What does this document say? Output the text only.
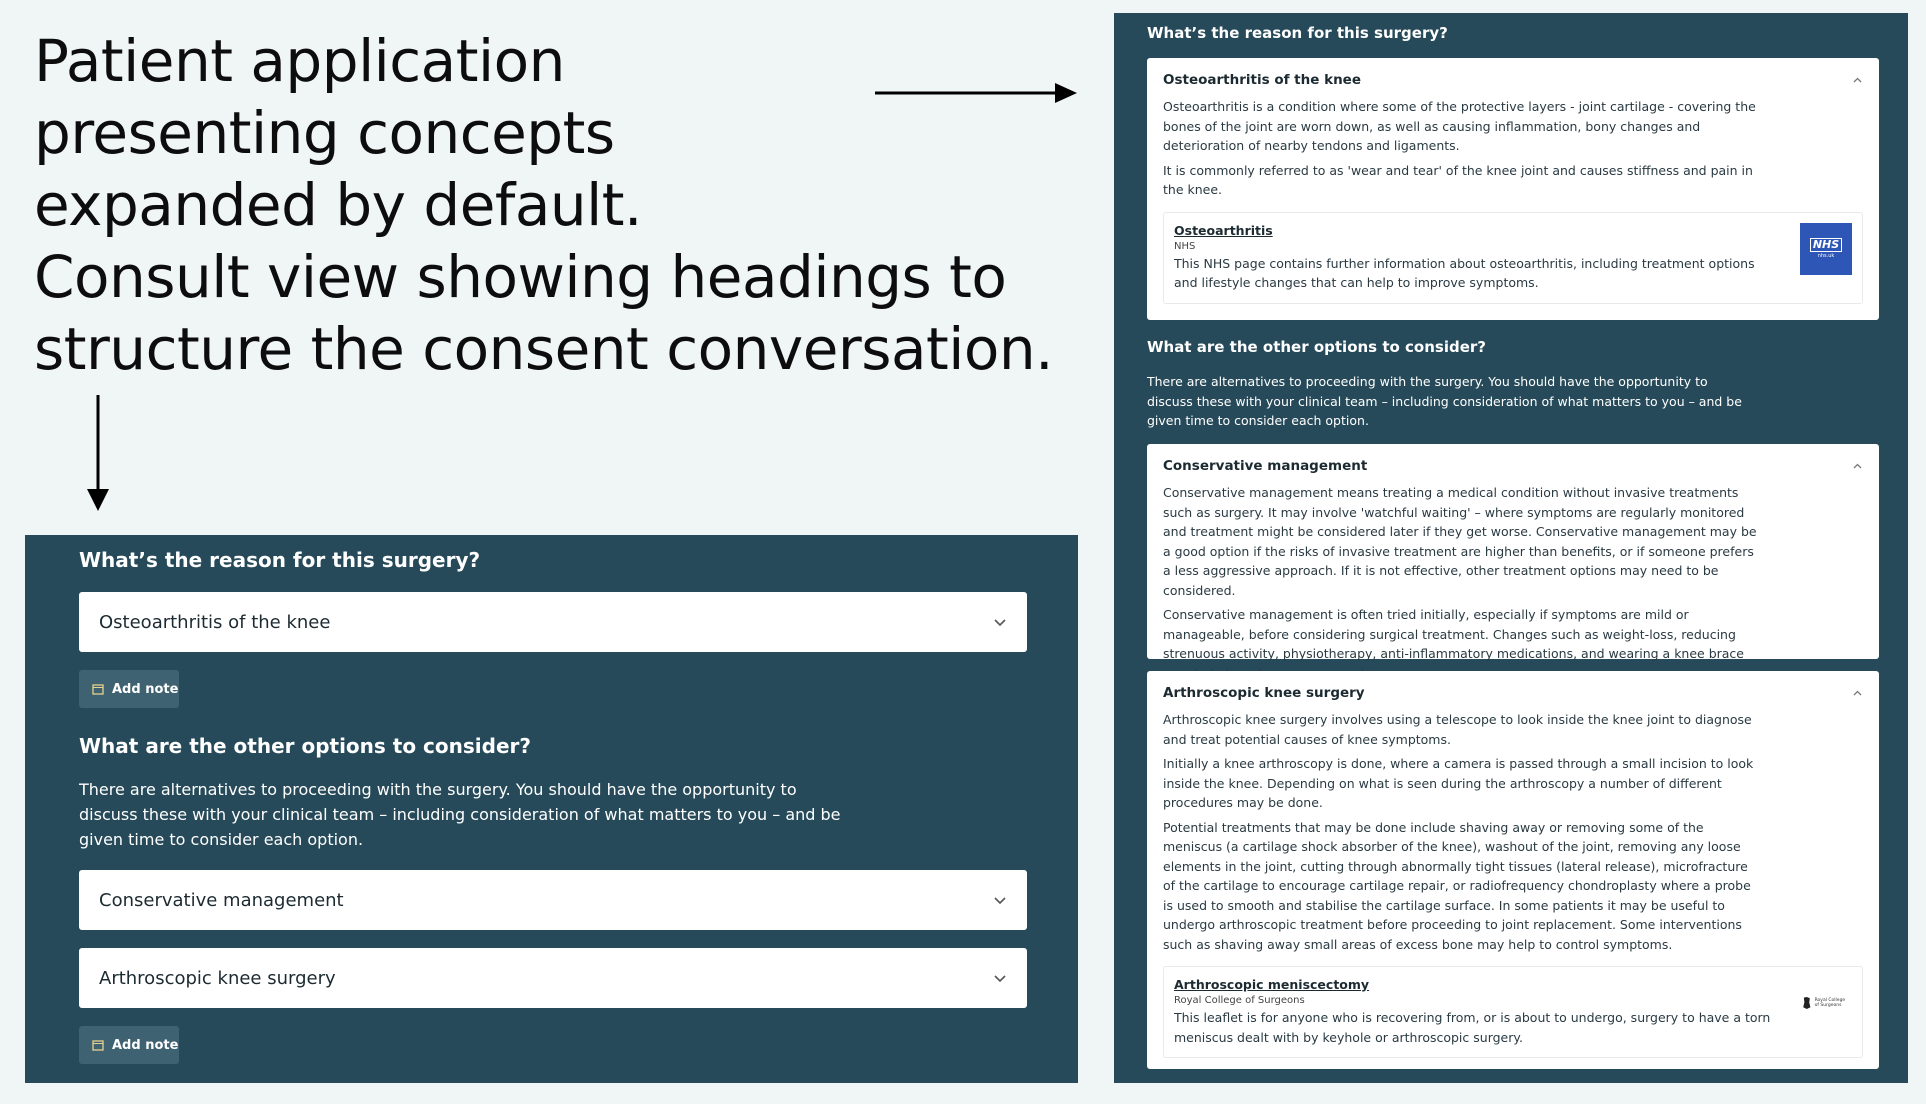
Patient application presenting concepts expanded by default.
Consult view showing headings to structure the consent conversation.
What’s the reason for this surgery?
Osteoarthritis of the knee
Add note
What are the other options to consider?

There are alternatives to proceeding with the surgery. You should have the opportunity to discuss these with your clinical team – including consideration of what matters to you – and be given time to consider each option.

Conservative management
Arthroscopic knee surgery
Add note
What’s the reason for this surgery?
Osteoarthritis of the knee

Osteoarthritis is a condition where some of the protective layers - joint cartilage - covering the bones of the joint are worn down, as well as causing inflammation, bony changes and deterioration of nearby tendons and ligaments.

It is commonly referred to as 'wear and tear' of the knee joint and causes stiffness and pain in the knee.

Osteoarthritis

NHS

This NHS page contains further information about osteoarthritis, including treatment options and lifestyle changes that can help to improve symptoms.

NHS
nhs.uk
What are the other options to consider?

There are alternatives to proceeding with the surgery. You should have the opportunity to discuss these with your clinical team – including consideration of what matters to you – and be given time to consider each option.

Conservative management

Conservative management means treating a medical condition without invasive treatments such as surgery. It may involve 'watchful waiting' – where symptoms are regularly monitored and treatment might be considered later if they get worse. Conservative management may be a good option if the risks of invasive treatment are higher than benefits, or if someone prefers a less aggressive approach. If it is not effective, other treatment options may need to be considered.

Conservative management is often tried initially, especially if symptoms are mild or manageable, before considering surgical treatment. Changes such as weight-loss, reducing strenuous activity, physiotherapy, anti-inflammatory medications, and wearing a knee brace

Arthroscopic knee surgery

Arthroscopic knee surgery involves using a telescope to look inside the knee joint to diagnose and treat potential causes of knee symptoms.

Initially a knee arthroscopy is done, where a camera is passed through a small incision to look inside the knee. Depending on what is seen during the arthroscopy a number of different procedures may be done.

Potential treatments that may be done include shaving away or removing some of the meniscus (a cartilage shock absorber of the knee), washout of the joint, removing any loose elements in the joint, cutting through abnormally tight tissues (lateral release), microfracture of the cartilage to encourage cartilage repair, or radiofrequency chondroplasty where a probe is used to smooth and stabilise the cartilage surface. In some patients it may be useful to undergo arthroscopic treatment before proceeding to joint replacement. Some interventions such as shaving away small areas of excess bone may help to control symptoms.

Arthroscopic meniscectomy

Royal College of Surgeons

This leaflet is for anyone who is recovering from, or is about to undergo, surgery to have a torn meniscus dealt with by keyhole or arthroscopic surgery.

Royal College of Surgeons
